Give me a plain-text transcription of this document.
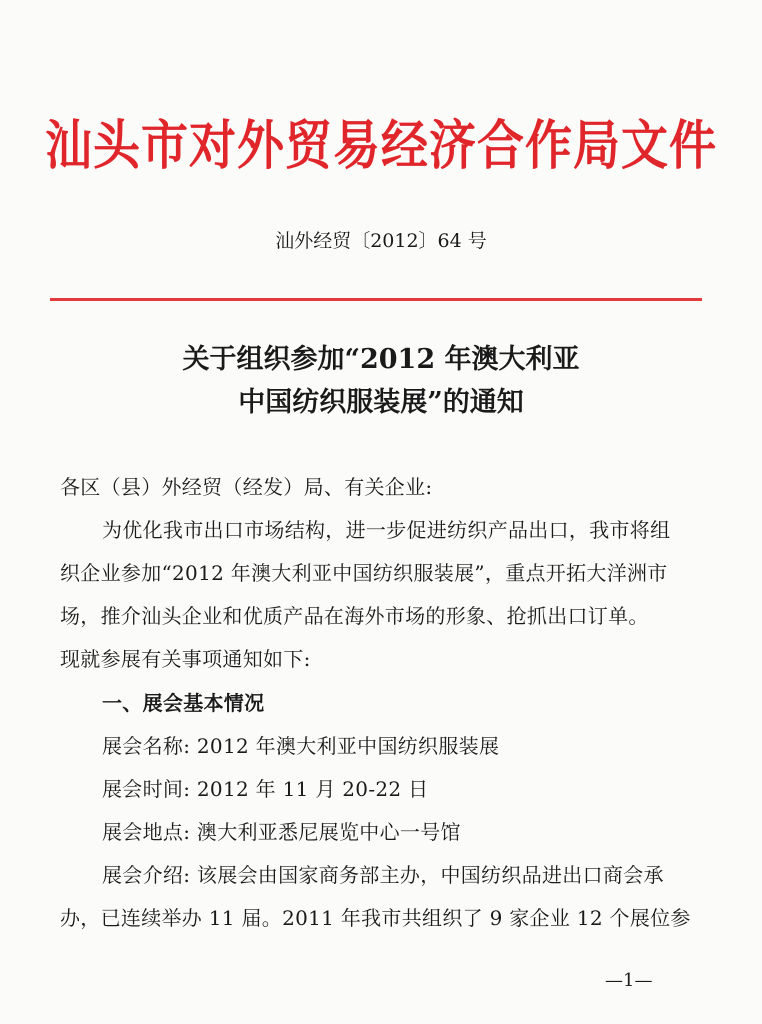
汕头市对外贸易经济合作局文件
汕外经贸〔2012〕64 号
关于组织参加“2012 年澳大利亚
中国纺织服装展”的通知
各区（县）外经贸（经发）局、有关企业:
为优化我市出口市场结构，进一步促进纺织产品出口，我市将组
织企业参加“2012 年澳大利亚中国纺织服装展”，重点开拓大洋洲市
场，推介汕头企业和优质产品在海外市场的形象、抢抓出口订单。
现就参展有关事项通知如下:
一、展会基本情况
展会名称: 2012 年澳大利亚中国纺织服装展
展会时间: 2012 年 11 月 20-22 日
展会地点: 澳大利亚悉尼展览中心一号馆
展会介绍: 该展会由国家商务部主办，中国纺织品进出口商会承
办，已连续举办 11 届。2011 年我市共组织了 9 家企业 12 个展位参
—1—
